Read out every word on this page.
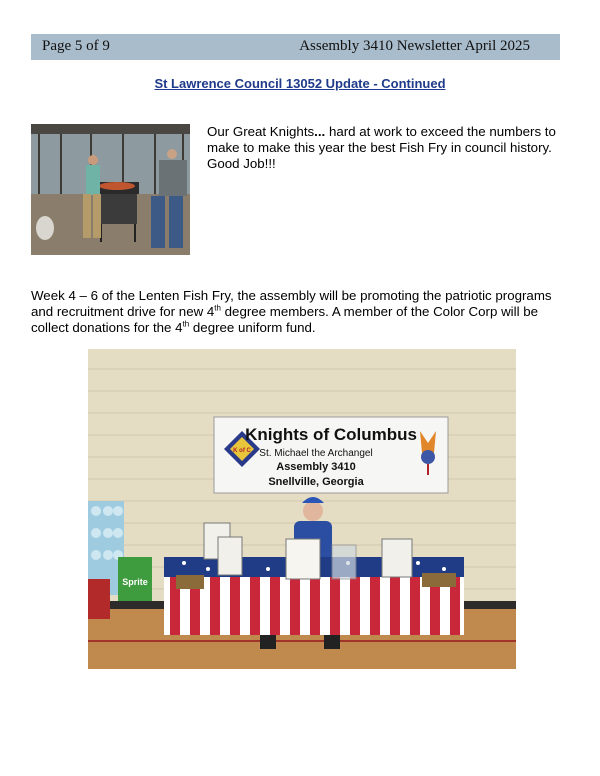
Page 5 of 9	Assembly 3410 Newsletter April 2025
St Lawrence Council 13052 Update - Continued
Our Great Knights... hard at work to exceed the numbers to make to make this year the best Fish Fry in council history. Good Job!!!
Week 4 – 6 of the Lenten Fish Fry, the assembly will be promoting the patriotic programs and recruitment drive for new 4th degree members. A member of the Color Corp will be collect donations for the 4th degree uniform fund.
K of C
Knights of Columbus
St. Michael the Archangel
Assembly 3410
Snellville, Georgia
Sprite
